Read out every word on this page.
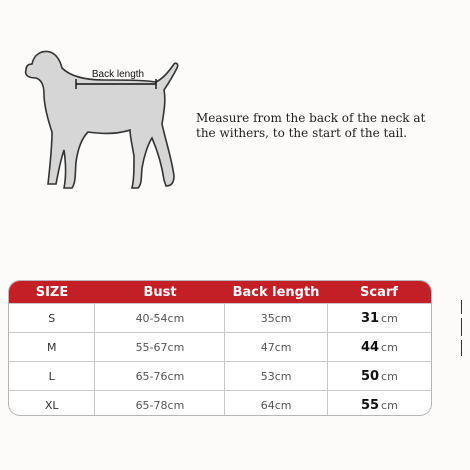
Back length
Measure from the back of the neck at
the withers, to the start of the tail.
SIZE	Bust	Back length	Scarf
S	40-54cm	35cm	31 cm
M	55-67cm	47cm	44 cm
L	65-76cm	53cm	50 cm
XL	65-78cm	64cm	55 cm
